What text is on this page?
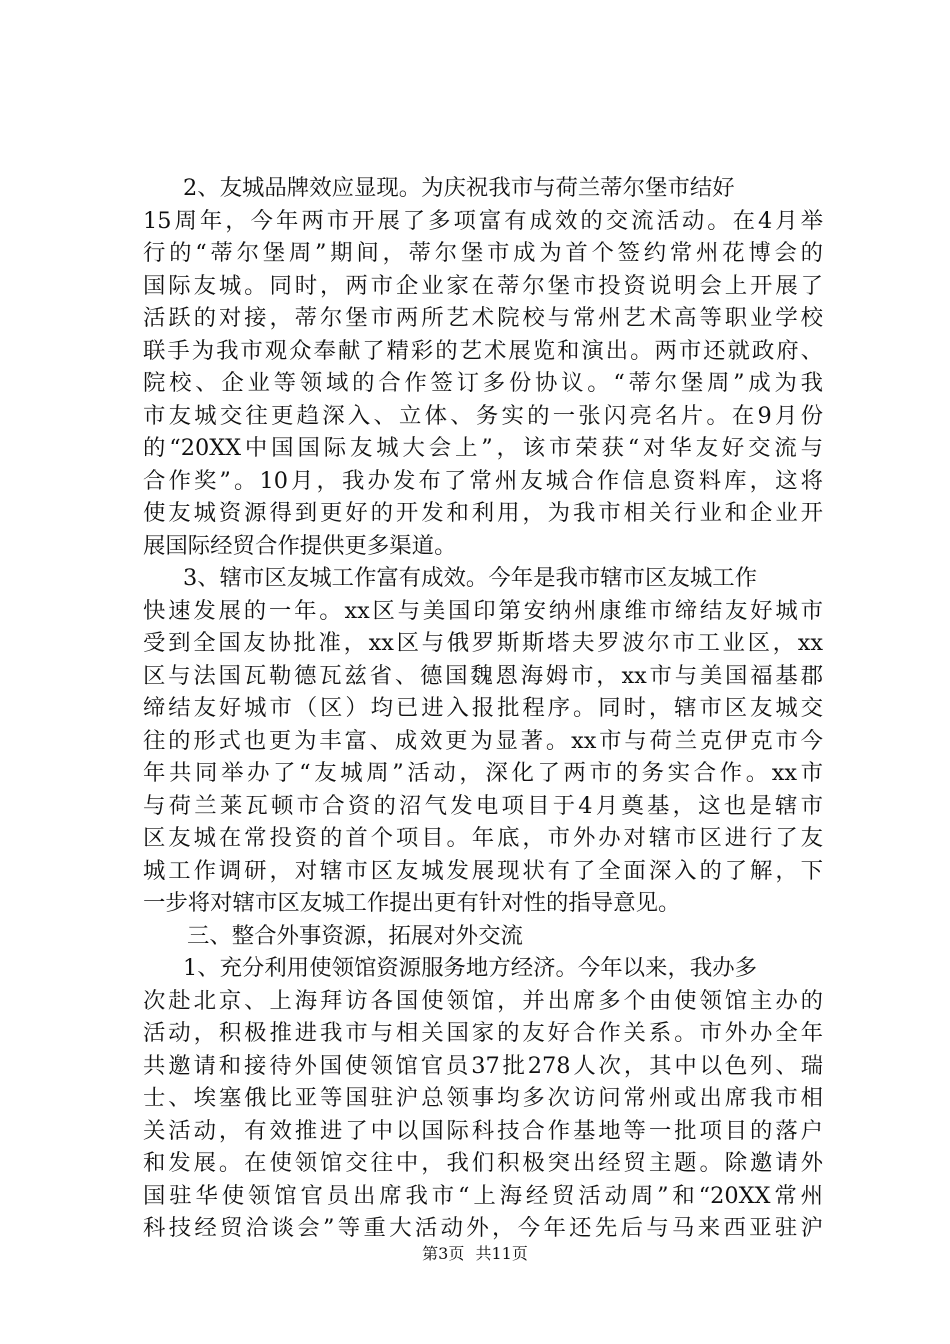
2、友城品牌效应显现。为庆祝我市与荷兰蒂尔堡市结好
15周年，今年两市开展了多项富有成效的交流活动。在4月举
行的“蒂尔堡周”期间，蒂尔堡市成为首个签约常州花博会的
国际友城。同时，两市企业家在蒂尔堡市投资说明会上开展了
活跃的对接，蒂尔堡市两所艺术院校与常州艺术高等职业学校
联手为我市观众奉献了精彩的艺术展览和演出。两市还就政府、
院校、企业等领域的合作签订多份协议。“蒂尔堡周”成为我
市友城交往更趋深入、立体、务实的一张闪亮名片。在9月份
的“20XX中国国际友城大会上”，该市荣获“对华友好交流与
合作奖”。10月，我办发布了常州友城合作信息资料库，这将
使友城资源得到更好的开发和利用，为我市相关行业和企业开
展国际经贸合作提供更多渠道。
3、辖市区友城工作富有成效。今年是我市辖市区友城工作
快速发展的一年。xx区与美国印第安纳州康维市缔结友好城市
受到全国友协批准，xx区与俄罗斯斯塔夫罗波尔市工业区，xx
区与法国瓦勒德瓦兹省、德国魏恩海姆市，xx市与美国福基郡
缔结友好城市（区）均已进入报批程序。同时，辖市区友城交
往的形式也更为丰富、成效更为显著。xx市与荷兰克伊克市今
年共同举办了“友城周”活动，深化了两市的务实合作。xx市
与荷兰莱瓦顿市合资的沼气发电项目于4月奠基，这也是辖市
区友城在常投资的首个项目。年底，市外办对辖市区进行了友
城工作调研，对辖市区友城发展现状有了全面深入的了解，下
一步将对辖市区友城工作提出更有针对性的指导意见。
三、整合外事资源，拓展对外交流
1、充分利用使领馆资源服务地方经济。今年以来，我办多
次赴北京、上海拜访各国使领馆，并出席多个由使领馆主办的
活动，积极推进我市与相关国家的友好合作关系。市外办全年
共邀请和接待外国使领馆官员37批278人次，其中以色列、瑞
士、埃塞俄比亚等国驻沪总领事均多次访问常州或出席我市相
关活动，有效推进了中以国际科技合作基地等一批项目的落户
和发展。在使领馆交往中，我们积极突出经贸主题。除邀请外
国驻华使领馆官员出席我市“上海经贸活动周”和“20XX常州
科技经贸洽谈会”等重大活动外，今年还先后与马来西亚驻沪
第3页 共11页
